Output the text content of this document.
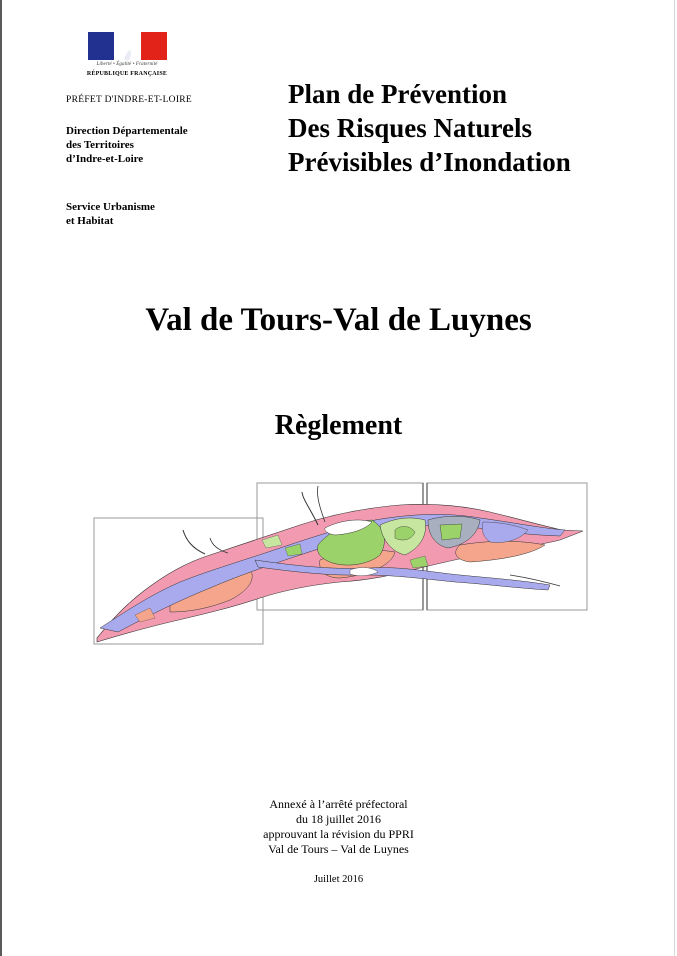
Liberté • Égalité • Fraternité
RÉPUBLIQUE FRANÇAISE
PRÉFET D'INDRE-ET-LOIRE
Direction Départementale
des Territoires
d’Indre-et-Loire
Service Urbanisme
et Habitat
Plan de Prévention
Des Risques Naturels
Prévisibles d’Inondation
Val de Tours-Val de Luynes
Règlement
Annexé à l’arrêté préfectoral
du 18 juillet 2016
approuvant la révision du PPRI
Val de Tours – Val de Luynes
Juillet 2016
